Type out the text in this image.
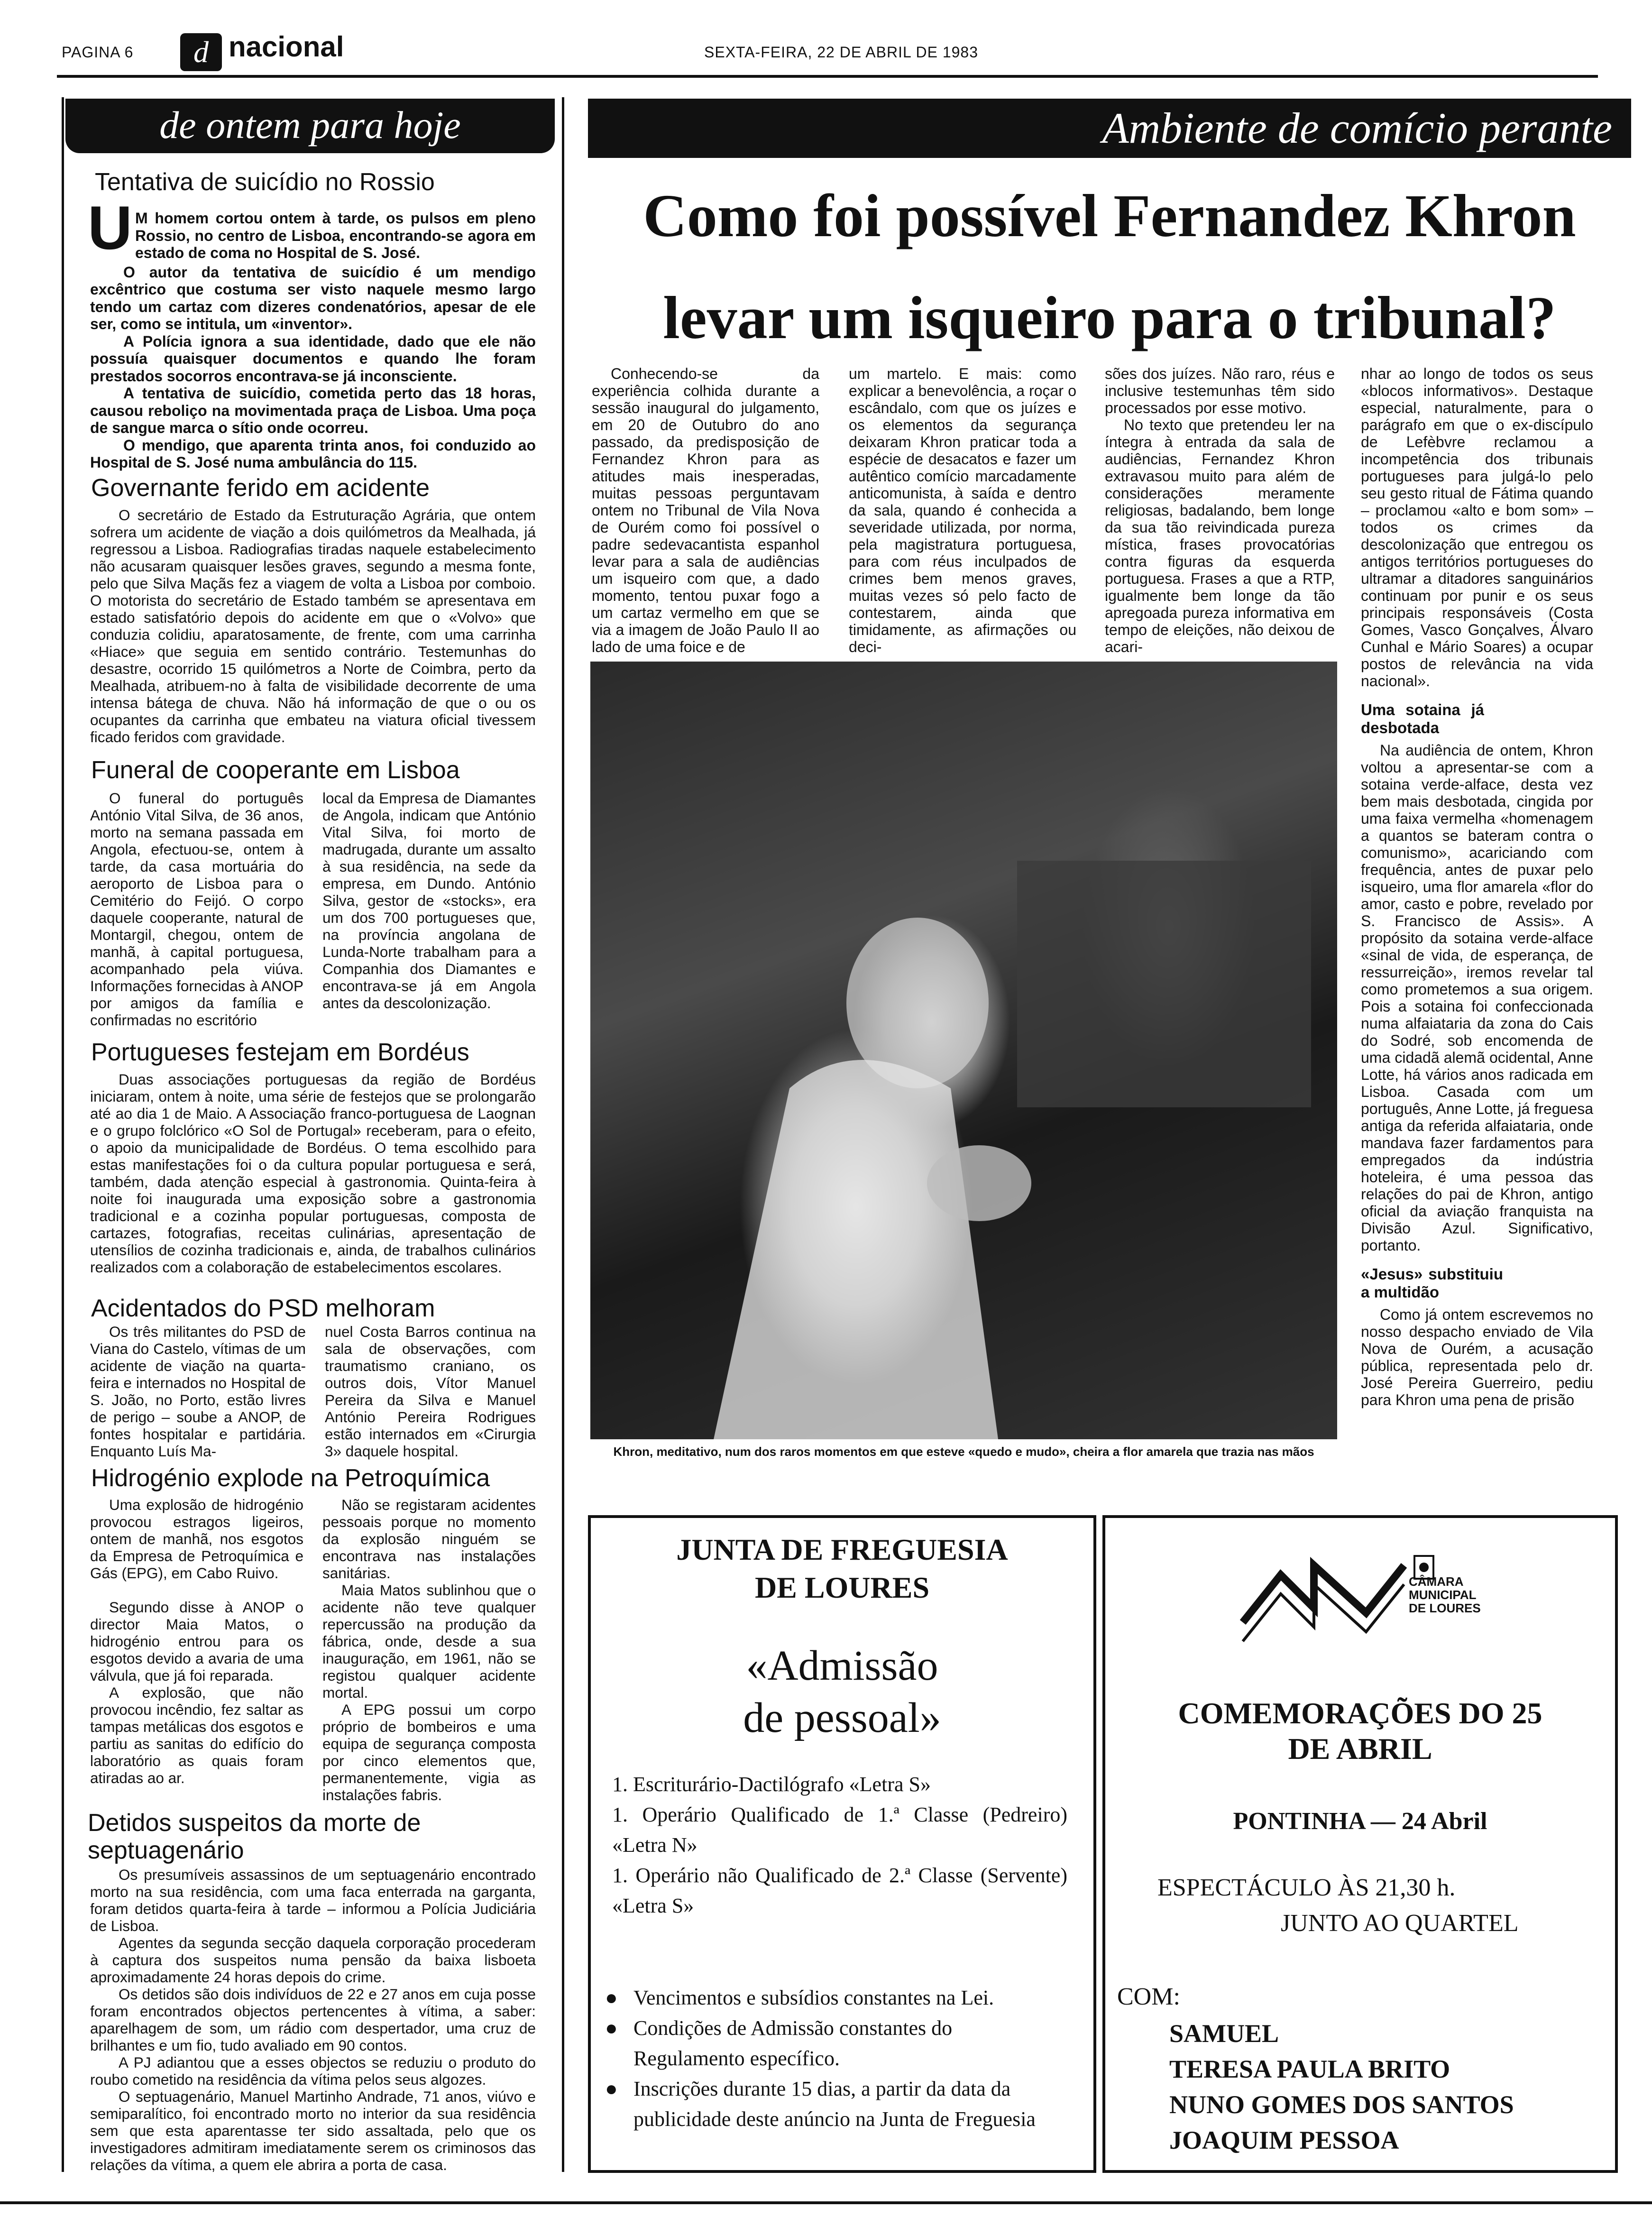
PAGINA 6	d nacional	SEXTA-FEIRA, 22 DE ABRIL DE 1983
de ontem para hoje
Tentativa de suicídio no Rossio
U M homem cortou ontem à tarde, os pulsos em pleno Rossio, no centro de Lisboa, encontrando-se agora em estado de coma no Hospital de S. José.

O autor da tentativa de suicídio é um mendigo excêntrico que costuma ser visto naquele mesmo largo tendo um cartaz com dizeres condenatórios, apesar de ele ser, como se intitula, um «inventor».

A Polícia ignora a sua identidade, dado que ele não possuía quaisquer documentos e quando lhe foram prestados socorros encontrava-se já inconsciente.

A tentativa de suicídio, cometida perto das 18 horas, causou reboliço na movimentada praça de Lisboa. Uma poça de sangue marca o sítio onde ocorreu.

O mendigo, que aparenta trinta anos, foi conduzido ao Hospital de S. José numa ambulância do 115.

Governante ferido em acidente

O secretário de Estado da Estruturação Agrária, que ontem sofrera um acidente de viação a dois quilómetros da Mealhada, já regressou a Lisboa. Radiografias tiradas naquele estabelecimento não acusaram quaisquer lesões graves, segundo a mesma fonte, pelo que Silva Maçãs fez a viagem de volta a Lisboa por comboio. O motorista do secretário de Estado também se apresentava em estado satisfatório depois do acidente em que o «Volvo» que conduzia colidiu, aparatosamente, de frente, com uma carrinha «Hiace» que seguia em sentido contrário. Testemunhas do desastre, ocorrido 15 quilómetros a Norte de Coimbra, perto da Mealhada, atribuem-no à falta de visibilidade decorrente de uma intensa bátega de chuva. Não há informação de que o ou os ocupantes da carrinha que embateu na viatura oficial tivessem ficado feridos com gravidade.

Funeral de cooperante em Lisboa

O funeral do português António Vital Silva, de 36 anos, morto na semana passada em Angola, efectuou-se, ontem à tarde, da casa mortuária do aeroporto de Lisboa para o Cemitério do Feijó. O corpo daquele cooperante, natural de Montargil, chegou, ontem de manhã, à capital portuguesa, acompanhado pela viúva. Informações fornecidas à ANOP por amigos da família e confirmadas no escritório

local da Empresa de Diamantes de Angola, indicam que António Vital Silva, foi morto de madrugada, durante um assalto à sua residência, na sede da empresa, em Dundo. António Silva, gestor de «stocks», era um dos 700 portugueses que, na província angolana de Lunda-Norte trabalham para a Companhia dos Diamantes e encontrava-se já em Angola antes da descolonização.

Portugueses festejam em Bordéus

Duas associações portuguesas da região de Bordéus iniciaram, ontem à noite, uma série de festejos que se prolongarão até ao dia 1 de Maio. A Associação franco-portuguesa de Laognan e o grupo folclórico «O Sol de Portugal» receberam, para o efeito, o apoio da municipalidade de Bordéus. O tema escolhido para estas manifestações foi o da cultura popular portuguesa e será, também, dada atenção especial à gastronomia. Quinta-feira à noite foi inaugurada uma exposição sobre a gastronomia tradicional e a cozinha popular portuguesas, composta de cartazes, fotografias, receitas culinárias, apresentação de utensílios de cozinha tradicionais e, ainda, de trabalhos culinários realizados com a colaboração de estabelecimentos escolares.

Acidentados do PSD melhoram

Os três militantes do PSD de Viana do Castelo, vítimas de um acidente de viação na quarta-feira e internados no Hospital de S. João, no Porto, estão livres de perigo – soube a ANOP, de fontes hospitalar e partidária. Enquanto Luís Ma-

nuel Costa Barros continua na sala de observações, com traumatismo craniano, os outros dois, Vítor Manuel Pereira da Silva e Manuel António Pereira Rodrigues estão internados em «Cirurgia 3» daquele hospital.

Hidrogénio explode na Petroquímica

Uma explosão de hidrogénio provocou estragos ligeiros, ontem de manhã, nos esgotos da Empresa de Petroquímica e Gás (EPG), em Cabo Ruivo.

Segundo disse à ANOP o director Maia Matos, o hidrogénio entrou para os esgotos devido a avaria de uma válvula, que já foi reparada.

A explosão, que não provocou incêndio, fez saltar as tampas metálicas dos esgotos e partiu as sanitas do edifício do laboratório as quais foram atiradas ao ar.

Não se registaram acidentes pessoais porque no momento da explosão ninguém se encontrava nas instalações sanitárias.

Maia Matos sublinhou que o acidente não teve qualquer repercussão na produção da fábrica, onde, desde a sua inauguração, em 1961, não se registou qualquer acidente mortal.

A EPG possui um corpo próprio de bombeiros e uma equipa de segurança composta por cinco elementos que, permanentemente, vigia as instalações fabris.

Detidos suspeitos da morte de septuagenário

Os presumíveis assassinos de um septuagenário encontrado morto na sua residência, com uma faca enterrada na garganta, foram detidos quarta-feira à tarde – informou a Polícia Judiciária de Lisboa.

Agentes da segunda secção daquela corporação procederam à captura dos suspeitos numa pensão da baixa lisboeta aproximadamente 24 horas depois do crime.

Os detidos são dois indivíduos de 22 e 27 anos em cuja posse foram encontrados objectos pertencentes à vítima, a saber: aparelhagem de som, um rádio com despertador, uma cruz de brilhantes e um fio, tudo avaliado em 90 contos.

A PJ adiantou que a esses objectos se reduziu o produto do roubo cometido na residência da vítima pelos seus algozes.

O septuagenário, Manuel Martinho Andrade, 71 anos, viúvo e semiparalítico, foi encontrado morto no interior da sua residência sem que esta aparentasse ter sido assaltada, pelo que os investigadores admitiram imediatamente serem os criminosos das relações da vítima, a quem ele abrira a porta de casa.

Ambiente de comício perante
Como foi possível Fernandez Khron
levar um isqueiro para o tribunal?

Conhecendo-se da experiência colhida durante a sessão inaugural do julgamento, em 20 de Outubro do ano passado, da predisposição de Fernandez Khron para as atitudes mais inesperadas, muitas pessoas perguntavam ontem no Tribunal de Vila Nova de Ourém como foi possível o padre sedevacantista espanhol levar para a sala de audiências um isqueiro com que, a dado momento, tentou puxar fogo a um cartaz vermelho em que se via a imagem de João Paulo II ao lado de uma foice e de

um martelo. E mais: como explicar a benevolência, a roçar o escândalo, com que os juízes e os elementos da segurança deixaram Khron praticar toda a espécie de desacatos e fazer um autêntico comício marcadamente anticomunista, à saída e dentro da sala, quando é conhecida a severidade utilizada, por norma, pela magistratura portuguesa, para com réus inculpados de crimes bem menos graves, muitas vezes só pelo facto de contestarem, ainda que timidamente, as afirmações ou deci-

sões dos juízes. Não raro, réus e inclusive testemunhas têm sido processados por esse motivo.

No texto que pretendeu ler na íntegra à entrada da sala de audiências, Fernandez Khron extravasou muito para além de considerações meramente religiosas, badalando, bem longe da sua tão reivindicada pureza mística, frases provocatórias contra figuras da esquerda portuguesa. Frases a que a RTP, igualmente bem longe da tão apregoada pureza informativa em tempo de eleições, não deixou de acari-

Khron, meditativo, num dos raros momentos em que esteve «quedo e mudo», cheira a flor amarela que trazia nas mãos

nhar ao longo de todos os seus «blocos informativos». Destaque especial, naturalmente, para o parágrafo em que o ex-discípulo de Lefèbvre reclamou a incompetência dos tribunais portugueses para julgá-lo pelo seu gesto ritual de Fátima quando – proclamou «alto e bom som» – todos os crimes da descolonização que entregou os antigos territórios portugueses do ultramar a ditadores sanguinários continuam por punir e os seus principais responsáveis (Costa Gomes, Vasco Gonçalves, Álvaro Cunhal e Mário Soares) a ocupar postos de relevância na vida nacional».

Uma sotaina já desbotada

Na audiência de ontem, Khron voltou a apresentar-se com a sotaina verde-alface, desta vez bem mais desbotada, cingida por uma faixa vermelha «homenagem a quantos se bateram contra o comunismo», acariciando com frequência, antes de puxar pelo isqueiro, uma flor amarela «flor do amor, casto e pobre, revelado por S. Francisco de Assis». A propósito da sotaina verde-alface «sinal de vida, de esperança, de ressurreição», iremos revelar tal como prometemos a sua origem. Pois a sotaina foi confeccionada numa alfaiataria da zona do Cais do Sodré, sob encomenda de uma cidadã alemã ocidental, Anne Lotte, há vários anos radicada em Lisboa. Casada com um português, Anne Lotte, já freguesa antiga da referida alfaiataria, onde mandava fazer fardamentos para empregados da indústria hoteleira, é uma pessoa das relações do pai de Khron, antigo oficial da aviação franquista na Divisão Azul. Significativo, portanto.

«Jesus» substituiu a multidão

Como já ontem escrevemos no nosso despacho enviado de Vila Nova de Ourém, a acusação pública, representada pelo dr. José Pereira Guerreiro, pediu para Khron uma pena de prisão

JUNTA DE FREGUESIA
DE LOURES
«Admissão
de pessoal»

1. Escriturário-Dactilógrafo «Letra S»

1. Operário Qualificado de 1.ª Classe (Pedreiro) «Letra N»

1. Operário não Qualificado de 2.ª Classe (Servente) «Letra S»

● Vencimentos e subsídios constantes na Lei.
● Condições de Admissão constantes do Regulamento específico.
● Inscrições durante 15 dias, a partir da data da publicidade deste anúncio na Junta de Freguesia
CÂMARA
MUNICIPAL
DE LOURES
COMEMORAÇÕES DO 25
DE ABRIL
PONTINHA — 24 Abril
ESPECTÁCULO ÀS 21,30 h.
JUNTO AO QUARTEL
COM:
SAMUEL
TERESA PAULA BRITO
NUNO GOMES DOS SANTOS
JOAQUIM PESSOA
